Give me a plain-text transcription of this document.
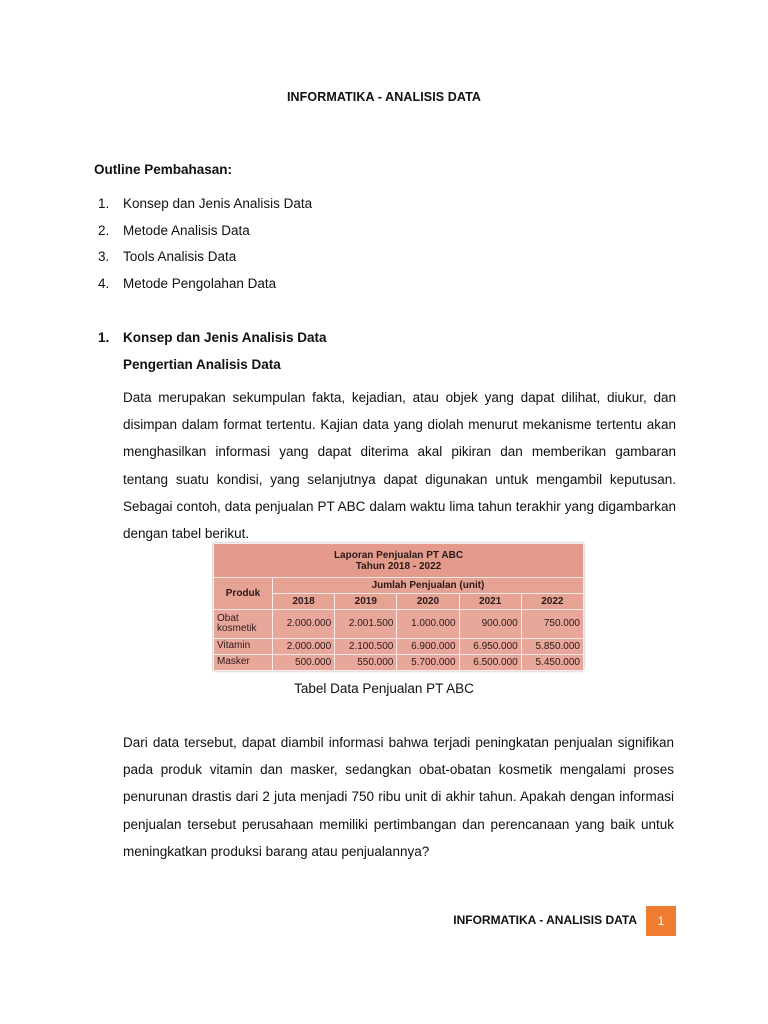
INFORMATIKA - ANALISIS DATA
Outline Pembahasan:
1.	Konsep dan Jenis Analisis Data
2.	Metode Analisis Data
3.	Tools Analisis Data
4.	Metode Pengolahan Data
1.	Konsep dan Jenis Analisis Data
Pengertian Analisis Data
Data merupakan sekumpulan fakta, kejadian, atau objek yang dapat dilihat, diukur, dan disimpan dalam format tertentu. Kajian data yang diolah menurut mekanisme tertentu akan menghasilkan informasi yang dapat diterima akal pikiran dan memberikan gambaran tentang suatu kondisi, yang selanjutnya dapat digunakan untuk mengambil keputusan. Sebagai contoh, data penjualan PT ABC dalam waktu lima tahun terakhir yang digambarkan dengan tabel berikut.
Laporan Penjualan PT ABC
Tahun 2018 - 2022					
Produk	Jumlah Penjualan (unit)				
	2018	2019	2020	2021	2022
Obat kosmetik	2.000.000	2.001.500	1.000.000	900.000	750.000
Vitamin	2.000.000	2.100.500	6.900.000	6.950.000	5.850.000
Masker	500.000	550.000	5.700.000	6.500.000	5.450.000
Tabel Data Penjualan PT ABC
Dari data tersebut, dapat diambil informasi bahwa terjadi peningkatan penjualan signifikan pada produk vitamin dan masker, sedangkan obat-obatan kosmetik mengalami proses penurunan drastis dari 2 juta menjadi 750 ribu unit di akhir tahun. Apakah dengan informasi penjualan tersebut perusahaan memiliki pertimbangan dan perencanaan yang baik untuk meningkatkan produksi barang atau penjualannya?
INFORMATIKA - ANALISIS DATA	1
